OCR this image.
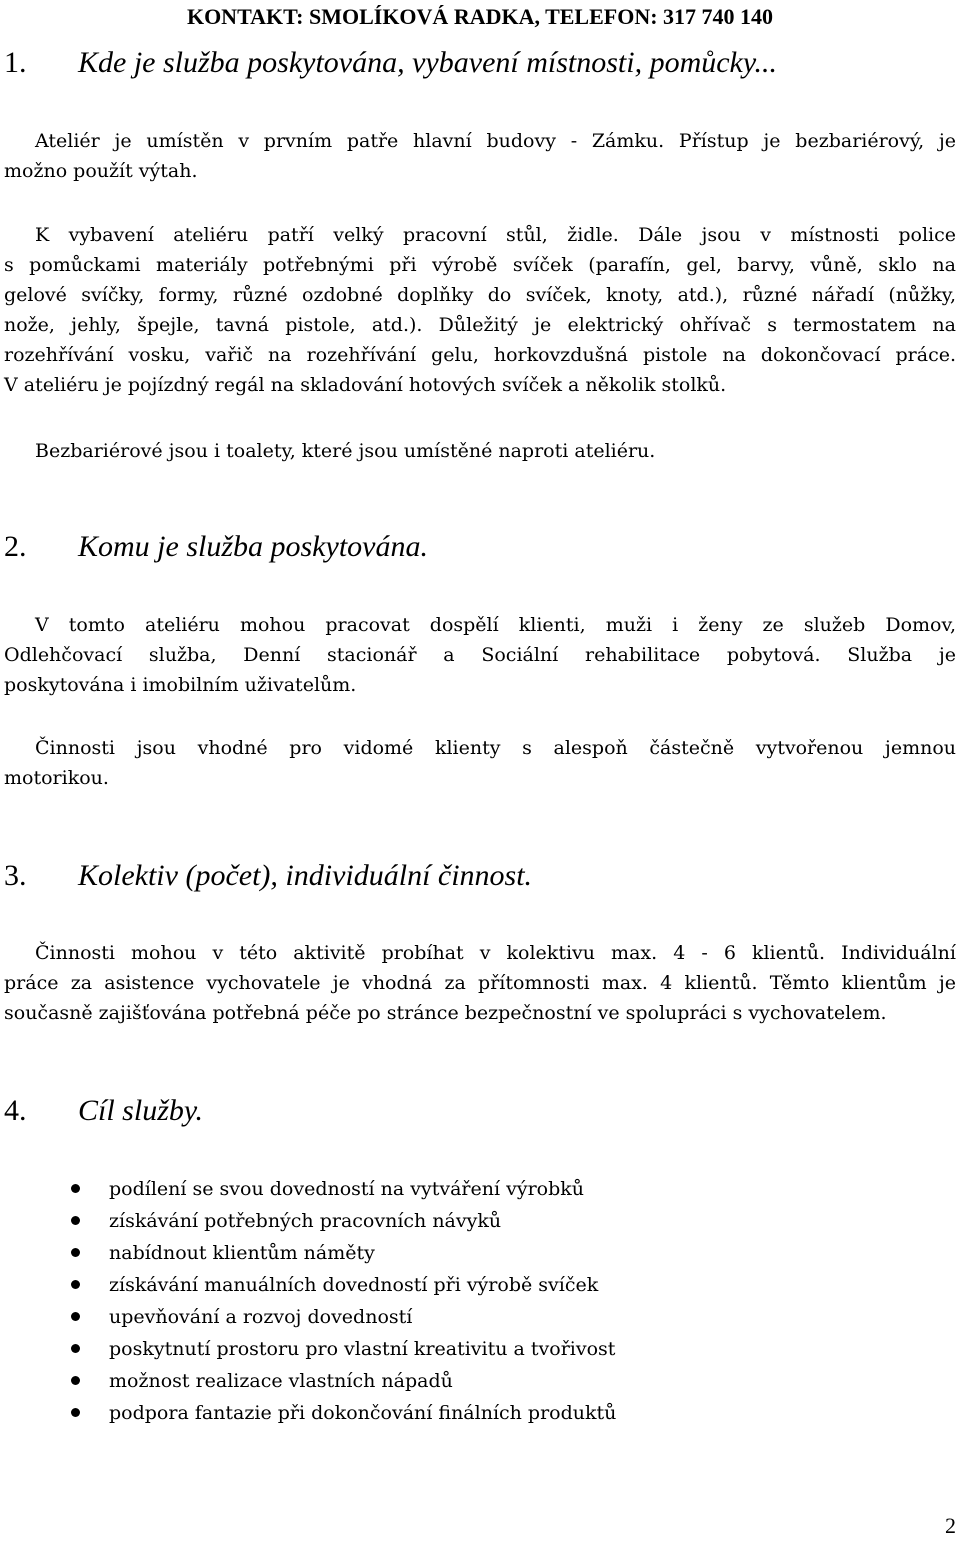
KONTAKT: SMOLÍKOVÁ RADKA, TELEFON: 317 740 140
1. Kde je služba poskytována, vybavení místnosti, pomůcky...
Ateliér je umístěn v prvním patře hlavní budovy - Zámku. Přístup je bezbariérový, je
možno použít výtah.
K vybavení ateliéru patří velký pracovní stůl, židle. Dále jsou v místnosti police
s pomůckami materiály potřebnými při výrobě svíček (parafín, gel, barvy, vůně, sklo na
gelové svíčky, formy, různé ozdobné doplňky do svíček, knoty, atd.), různé nářadí (nůžky,
nože, jehly, špejle, tavná pistole, atd.). Důležitý je elektrický ohřívač s termostatem na
rozehřívání vosku, vařič na rozehřívání gelu, horkovzdušná pistole na dokončovací práce.
V ateliéru je pojízdný regál na skladování hotových svíček a několik stolků.
Bezbariérové jsou i toalety, které jsou umístěné naproti ateliéru.
2. Komu je služba poskytována.
V tomto ateliéru mohou pracovat dospělí klienti, muži i ženy ze služeb Domov,
Odlehčovací služba, Denní stacionář a Sociální rehabilitace pobytová. Služba je
poskytována i imobilním uživatelům.
Činnosti jsou vhodné pro vidomé klienty s alespoň částečně vytvořenou jemnou
motorikou.
3. Kolektiv (počet), individuální činnost.
Činnosti mohou v této aktivitě probíhat v kolektivu max. 4 - 6 klientů. Individuální
práce za asistence vychovatele je vhodná za přítomnosti max. 4 klientů. Těmto klientům je
současně zajišťována potřebná péče po stránce bezpečnostní ve spolupráci s vychovatelem.
4. Cíl služby.
podílení se svou dovedností na vytváření výrobků
získávání potřebných pracovních návyků
nabídnout klientům náměty
získávání manuálních dovedností při výrobě svíček
upevňování a rozvoj dovedností
poskytnutí prostoru pro vlastní kreativitu a tvořivost
možnost realizace vlastních nápadů
podpora fantazie při dokončování finálních produktů
2
